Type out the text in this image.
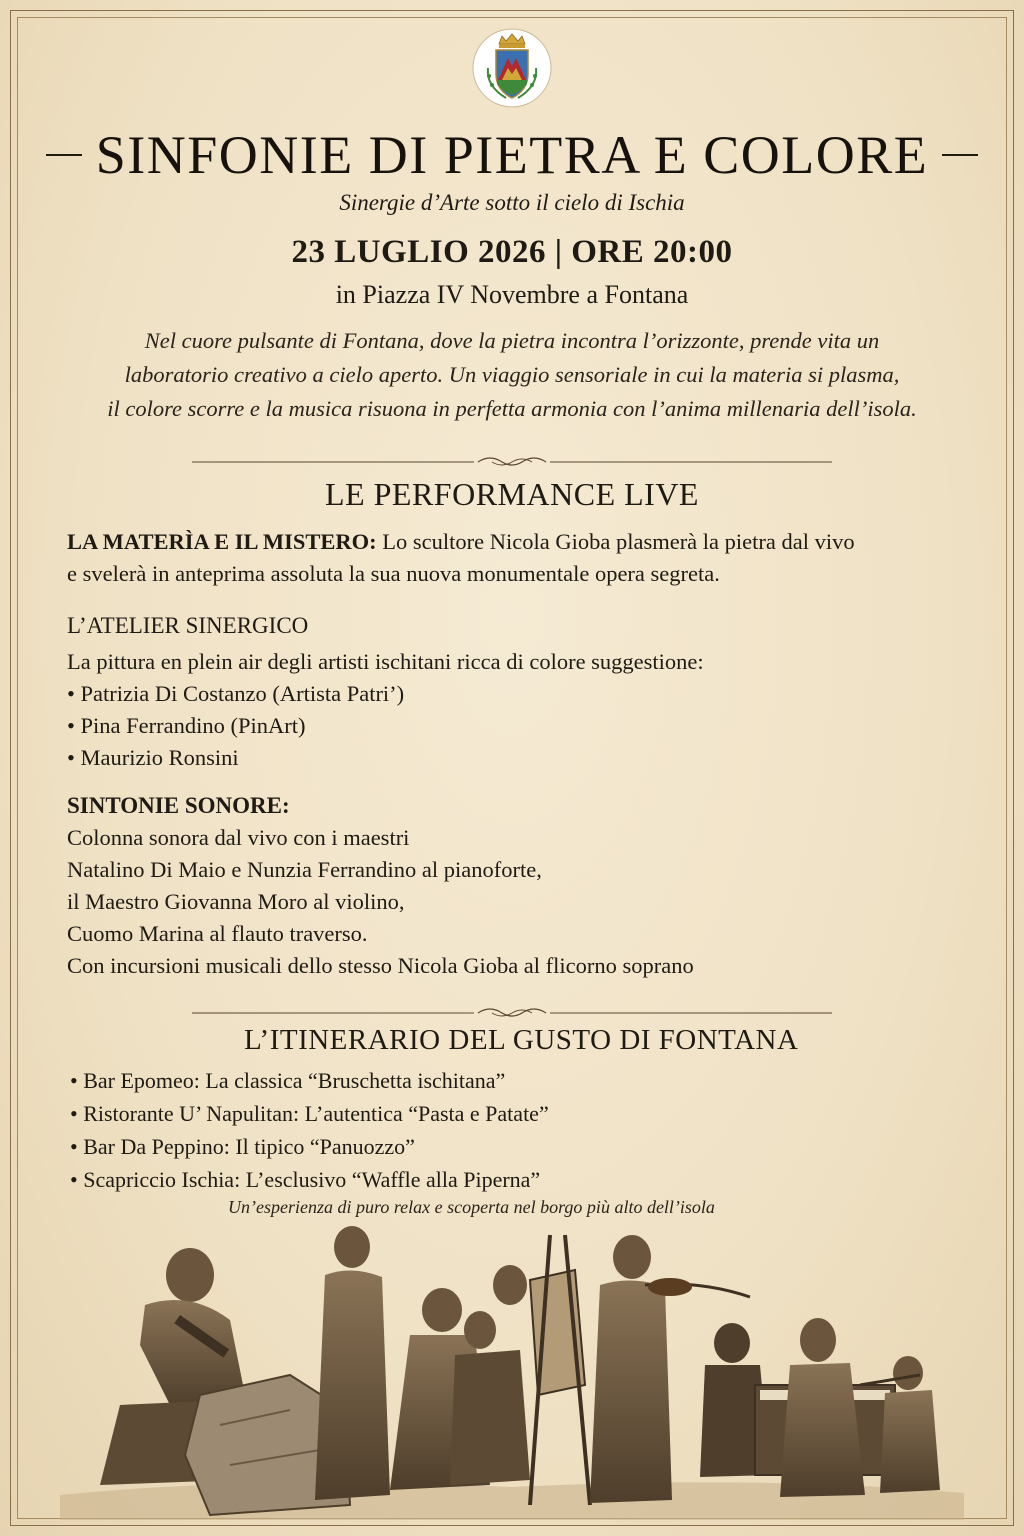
SINFONIE DI PIETRA E COLORE
Sinergie d’Arte sotto il cielo di Ischia
23 LUGLIO 2026 | ORE 20:00
in Piazza IV Novembre a Fontana
Nel cuore pulsante di Fontana, dove la pietra incontra l’orizzonte, prende vita un
laboratorio creativo a cielo aperto. Un viaggio sensoriale in cui la materia si plasma,
il colore scorre e la musica risuona in perfetta armonia con l’anima millenaria dell’isola.
LE PERFORMANCE LIVE
LA MATERÌA E IL MISTERO: Lo scultore Nicola Gioba plasmerà la pietra dal vivo
e svelerà in anteprima assoluta la sua nuova monumentale opera segreta.
L’ATELIER SINERGICO
La pittura en plein air degli artisti ischitani ricca di colore suggestione:
• Patrizia Di Costanzo (Artista Patri’)
• Pina Ferrandino (PinArt)
• Maurizio Ronsini
SINTONIE SONORE:
Colonna sonora dal vivo con i maestri
Natalino Di Maio e Nunzia Ferrandino al pianoforte,
il Maestro Giovanna Moro al violino,
Cuomo Marina al flauto traverso.
Con incursioni musicali dello stesso Nicola Gioba al flicorno soprano
L’ITINERARIO DEL GUSTO DI FONTANA
• Bar Epomeo: La classica “Bruschetta ischitana”
• Ristorante U’ Napulitan: L’autentica “Pasta e Patate”
• Bar Da Peppino: Il tipico “Panuozzo”
• Scapriccio Ischia: L’esclusivo “Waffle alla Piperna”
Un’esperienza di puro relax e scoperta nel borgo più alto dell’isola
